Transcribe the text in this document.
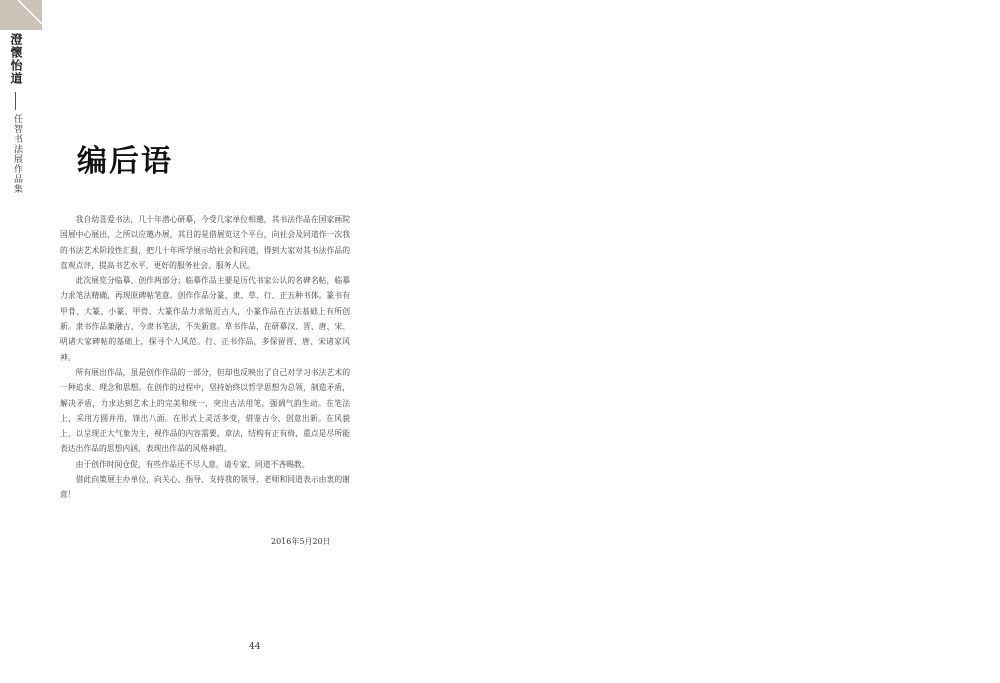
澄懷怡道
任智书法展作品集 编后语

我自幼喜爱书法，几十年潜心研摹，今受几家单位相邀，其书法作品在国家画院国展中心展出，之所以应邀办展，其目的是借展览这个平台，向社会及同道作一次我的书法艺术阶段性汇报，把几十年所学展示给社会和同道，得到大家对其书法作品的直观点评，提高书艺水平，更好的服务社会、服务人民。

此次展览分临摹、创作两部分；临摹作品主要是历代书家公认的名碑名帖，临摹力求笔法精确，再现原碑帖笔意。创作作品分篆、隶、草、行、正五种书体。篆书有甲骨、大篆、小篆、甲骨、大篆作品力求贴近古人，小篆作品在古法基础上有所创新。隶书作品兼融古、今隶书笔法，不失新意。草书作品，在研摹汉、晋、唐、宋、明诸大家碑帖的基础上，探寻个人风范。行、正书作品，多保留晋、唐、宋诸家风神。

所有展出作品，虽是创作作品的一部分，但却也反映出了自己对学习书法艺术的一种追求、理念和思想。在创作的过程中，坚持始终以哲学思想为总领，制造矛盾，解决矛盾，力求达到艺术上的完美和统一，突出古法用笔，强调气韵生动。在笔法上，采用方圆并用，锋出八面。在形式上灵活多变，借鉴古今，创意出新。在风貌上，以呈现正大气象为主，视作品的内容需要，章法，结构有正有倚，重点是尽所能表达出作品的思想内涵，表现出作品的风格神韵。

由于创作时间仓促，有些作品还不尽人意，请专家、同道不吝赐教。

借此向策展主办单位，向关心、指导、支持我的领导、老师和同道表示由衷的谢意！

2016年5月20日
44
